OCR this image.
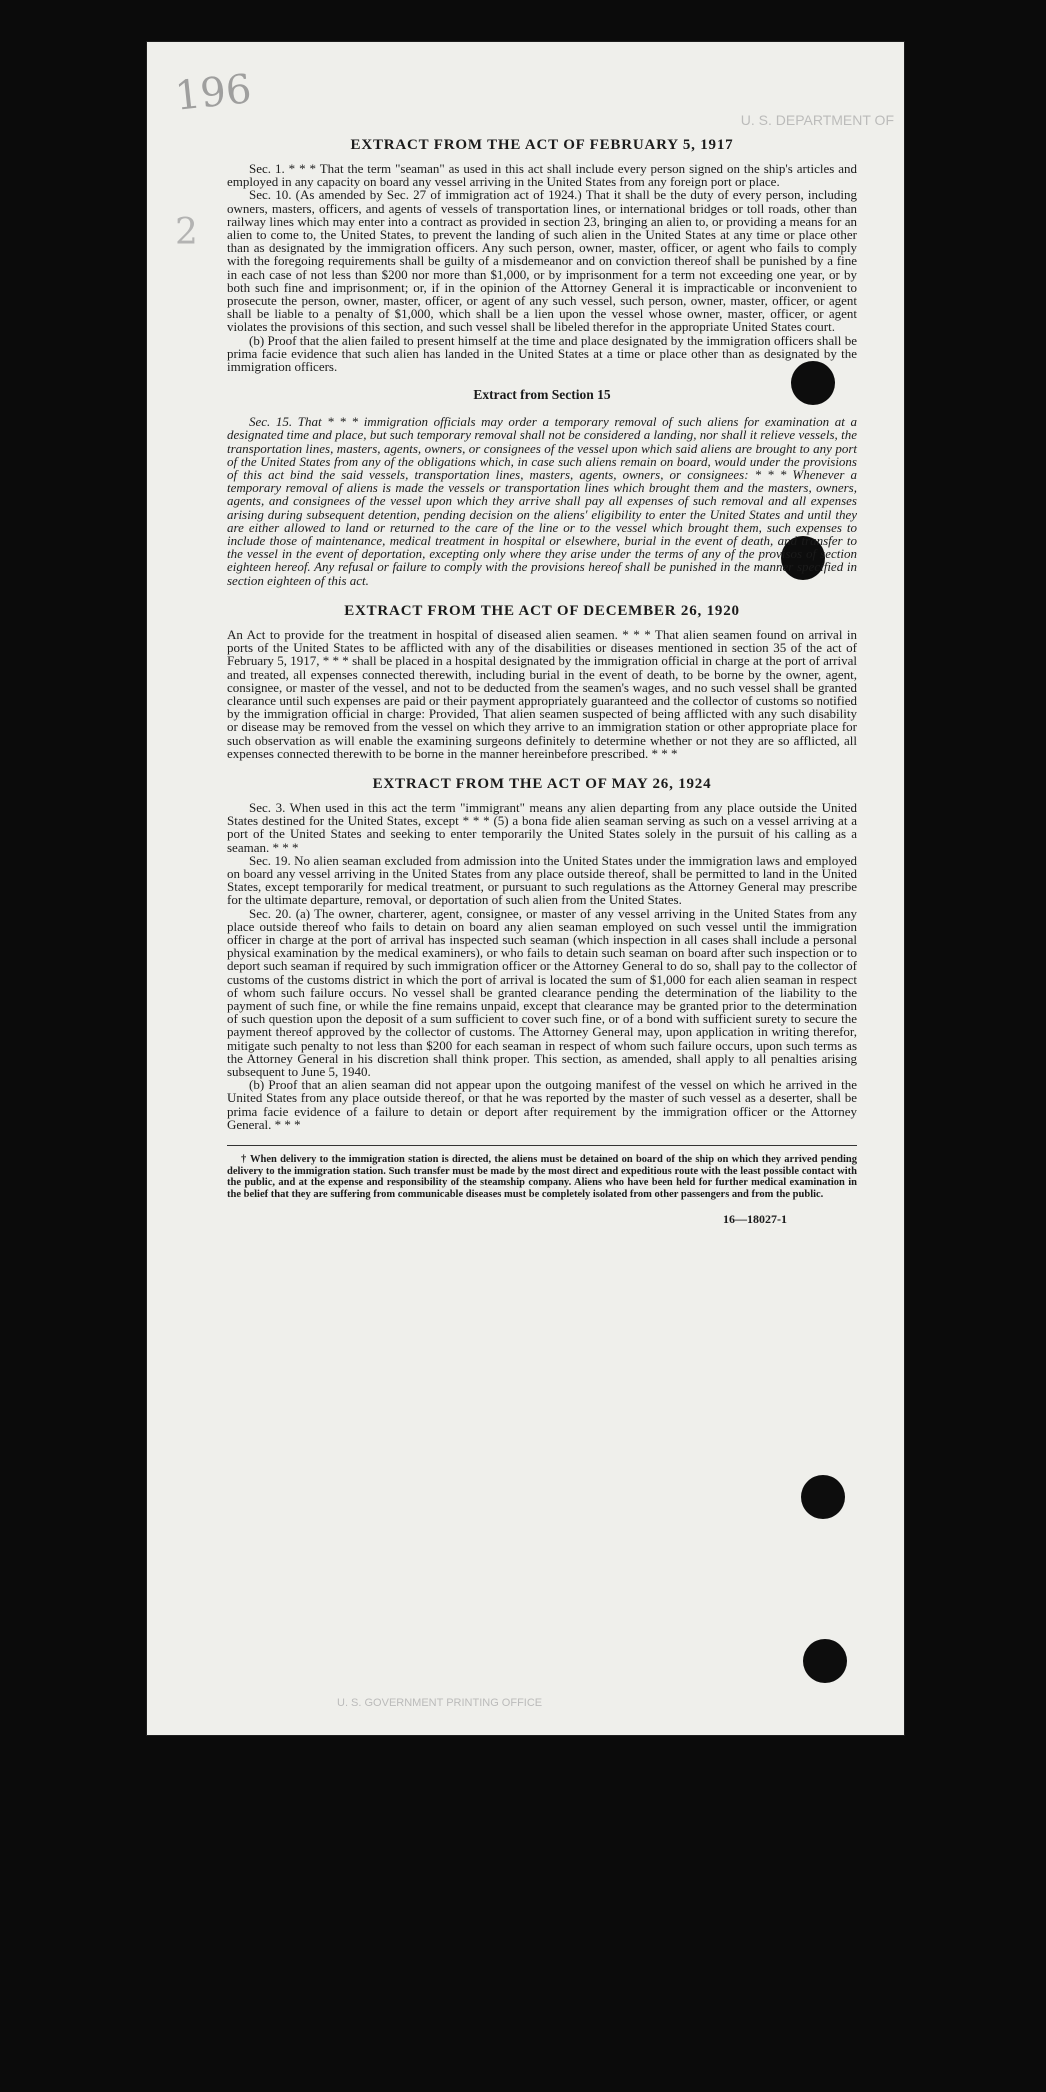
196
2
U. S. DEPARTMENT OF
EXTRACT FROM THE ACT OF FEBRUARY 5, 1917

Sec. 1. * * * That the term "seaman" as used in this act shall include every person signed on the ship's articles and employed in any capacity on board any vessel arriving in the United States from any foreign port or place.

Sec. 10. (As amended by Sec. 27 of immigration act of 1924.) That it shall be the duty of every person, including owners, masters, officers, and agents of vessels of transportation lines, or international bridges or toll roads, other than railway lines which may enter into a contract as provided in section 23, bringing an alien to, or providing a means for an alien to come to, the United States, to prevent the landing of such alien in the United States at any time or place other than as designated by the immigration officers. Any such person, owner, master, officer, or agent who fails to comply with the foregoing requirements shall be guilty of a misdemeanor and on conviction thereof shall be punished by a fine in each case of not less than $200 nor more than $1,000, or by imprisonment for a term not exceeding one year, or by both such fine and imprisonment; or, if in the opinion of the Attorney General it is impracticable or inconvenient to prosecute the person, owner, master, officer, or agent of any such vessel, such person, owner, master, officer, or agent shall be liable to a penalty of $1,000, which shall be a lien upon the vessel whose owner, master, officer, or agent violates the provisions of this section, and such vessel shall be libeled therefor in the appropriate United States court.

(b) Proof that the alien failed to present himself at the time and place designated by the immigration officers shall be prima facie evidence that such alien has landed in the United States at a time or place other than as designated by the immigration officers.

Extract from Section 15

Sec. 15. That * * * immigration officials may order a temporary removal of such aliens for examination at a designated time and place, but such temporary removal shall not be considered a landing, nor shall it relieve vessels, the transportation lines, masters, agents, owners, or consignees of the vessel upon which said aliens are brought to any port of the United States from any of the obligations which, in case such aliens remain on board, would under the provisions of this act bind the said vessels, transportation lines, masters, agents, owners, or consignees: * * * Whenever a temporary removal of aliens is made the vessels or transportation lines which brought them and the masters, owners, agents, and consignees of the vessel upon which they arrive shall pay all expenses of such removal and all expenses arising during subsequent detention, pending decision on the aliens' eligibility to enter the United States and until they are either allowed to land or returned to the care of the line or to the vessel which brought them, such expenses to include those of maintenance, medical treatment in hospital or elsewhere, burial in the event of death, and transfer to the vessel in the event of deportation, excepting only where they arise under the terms of any of the provisos of section eighteen hereof. Any refusal or failure to comply with the provisions hereof shall be punished in the manner specified in section eighteen of this act.

EXTRACT FROM THE ACT OF DECEMBER 26, 1920

An Act to provide for the treatment in hospital of diseased alien seamen. * * * That alien seamen found on arrival in ports of the United States to be afflicted with any of the disabilities or diseases mentioned in section 35 of the act of February 5, 1917, * * * shall be placed in a hospital designated by the immigration official in charge at the port of arrival and treated, all expenses connected therewith, including burial in the event of death, to be borne by the owner, agent, consignee, or master of the vessel, and not to be deducted from the seamen's wages, and no such vessel shall be granted clearance until such expenses are paid or their payment appropriately guaranteed and the collector of customs so notified by the immigration official in charge: Provided, That alien seamen suspected of being afflicted with any such disability or disease may be removed from the vessel on which they arrive to an immigration station or other appropriate place for such observation as will enable the examining surgeons definitely to determine whether or not they are so afflicted, all expenses connected therewith to be borne in the manner hereinbefore prescribed. * * *

EXTRACT FROM THE ACT OF MAY 26, 1924

Sec. 3. When used in this act the term "immigrant" means any alien departing from any place outside the United States destined for the United States, except * * * (5) a bona fide alien seaman serving as such on a vessel arriving at a port of the United States and seeking to enter temporarily the United States solely in the pursuit of his calling as a seaman. * * *

Sec. 19. No alien seaman excluded from admission into the United States under the immigration laws and employed on board any vessel arriving in the United States from any place outside thereof, shall be permitted to land in the United States, except temporarily for medical treatment, or pursuant to such regulations as the Attorney General may prescribe for the ultimate departure, removal, or deportation of such alien from the United States.

Sec. 20. (a) The owner, charterer, agent, consignee, or master of any vessel arriving in the United States from any place outside thereof who fails to detain on board any alien seaman employed on such vessel until the immigration officer in charge at the port of arrival has inspected such seaman (which inspection in all cases shall include a personal physical examination by the medical examiners), or who fails to detain such seaman on board after such inspection or to deport such seaman if required by such immigration officer or the Attorney General to do so, shall pay to the collector of customs of the customs district in which the port of arrival is located the sum of $1,000 for each alien seaman in respect of whom such failure occurs. No vessel shall be granted clearance pending the determination of the liability to the payment of such fine, or while the fine remains unpaid, except that clearance may be granted prior to the determination of such question upon the deposit of a sum sufficient to cover such fine, or of a bond with sufficient surety to secure the payment thereof approved by the collector of customs. The Attorney General may, upon application in writing therefor, mitigate such penalty to not less than $200 for each seaman in respect of whom such failure occurs, upon such terms as the Attorney General in his discretion shall think proper. This section, as amended, shall apply to all penalties arising subsequent to June 5, 1940.

(b) Proof that an alien seaman did not appear upon the outgoing manifest of the vessel on which he arrived in the United States from any place outside thereof, or that he was reported by the master of such vessel as a deserter, shall be prima facie evidence of a failure to detain or deport after requirement by the immigration officer or the Attorney General. * * *

† When delivery to the immigration station is directed, the aliens must be detained on board of the ship on which they arrived pending delivery to the immigration station. Such transfer must be made by the most direct and expeditious route with the least possible contact with the public, and at the expense and responsibility of the steamship company. Aliens who have been held for further medical examination in the belief that they are suffering from communicable diseases must be completely isolated from other passengers and from the public.

16—18027-1
U. S. GOVERNMENT PRINTING OFFICE
